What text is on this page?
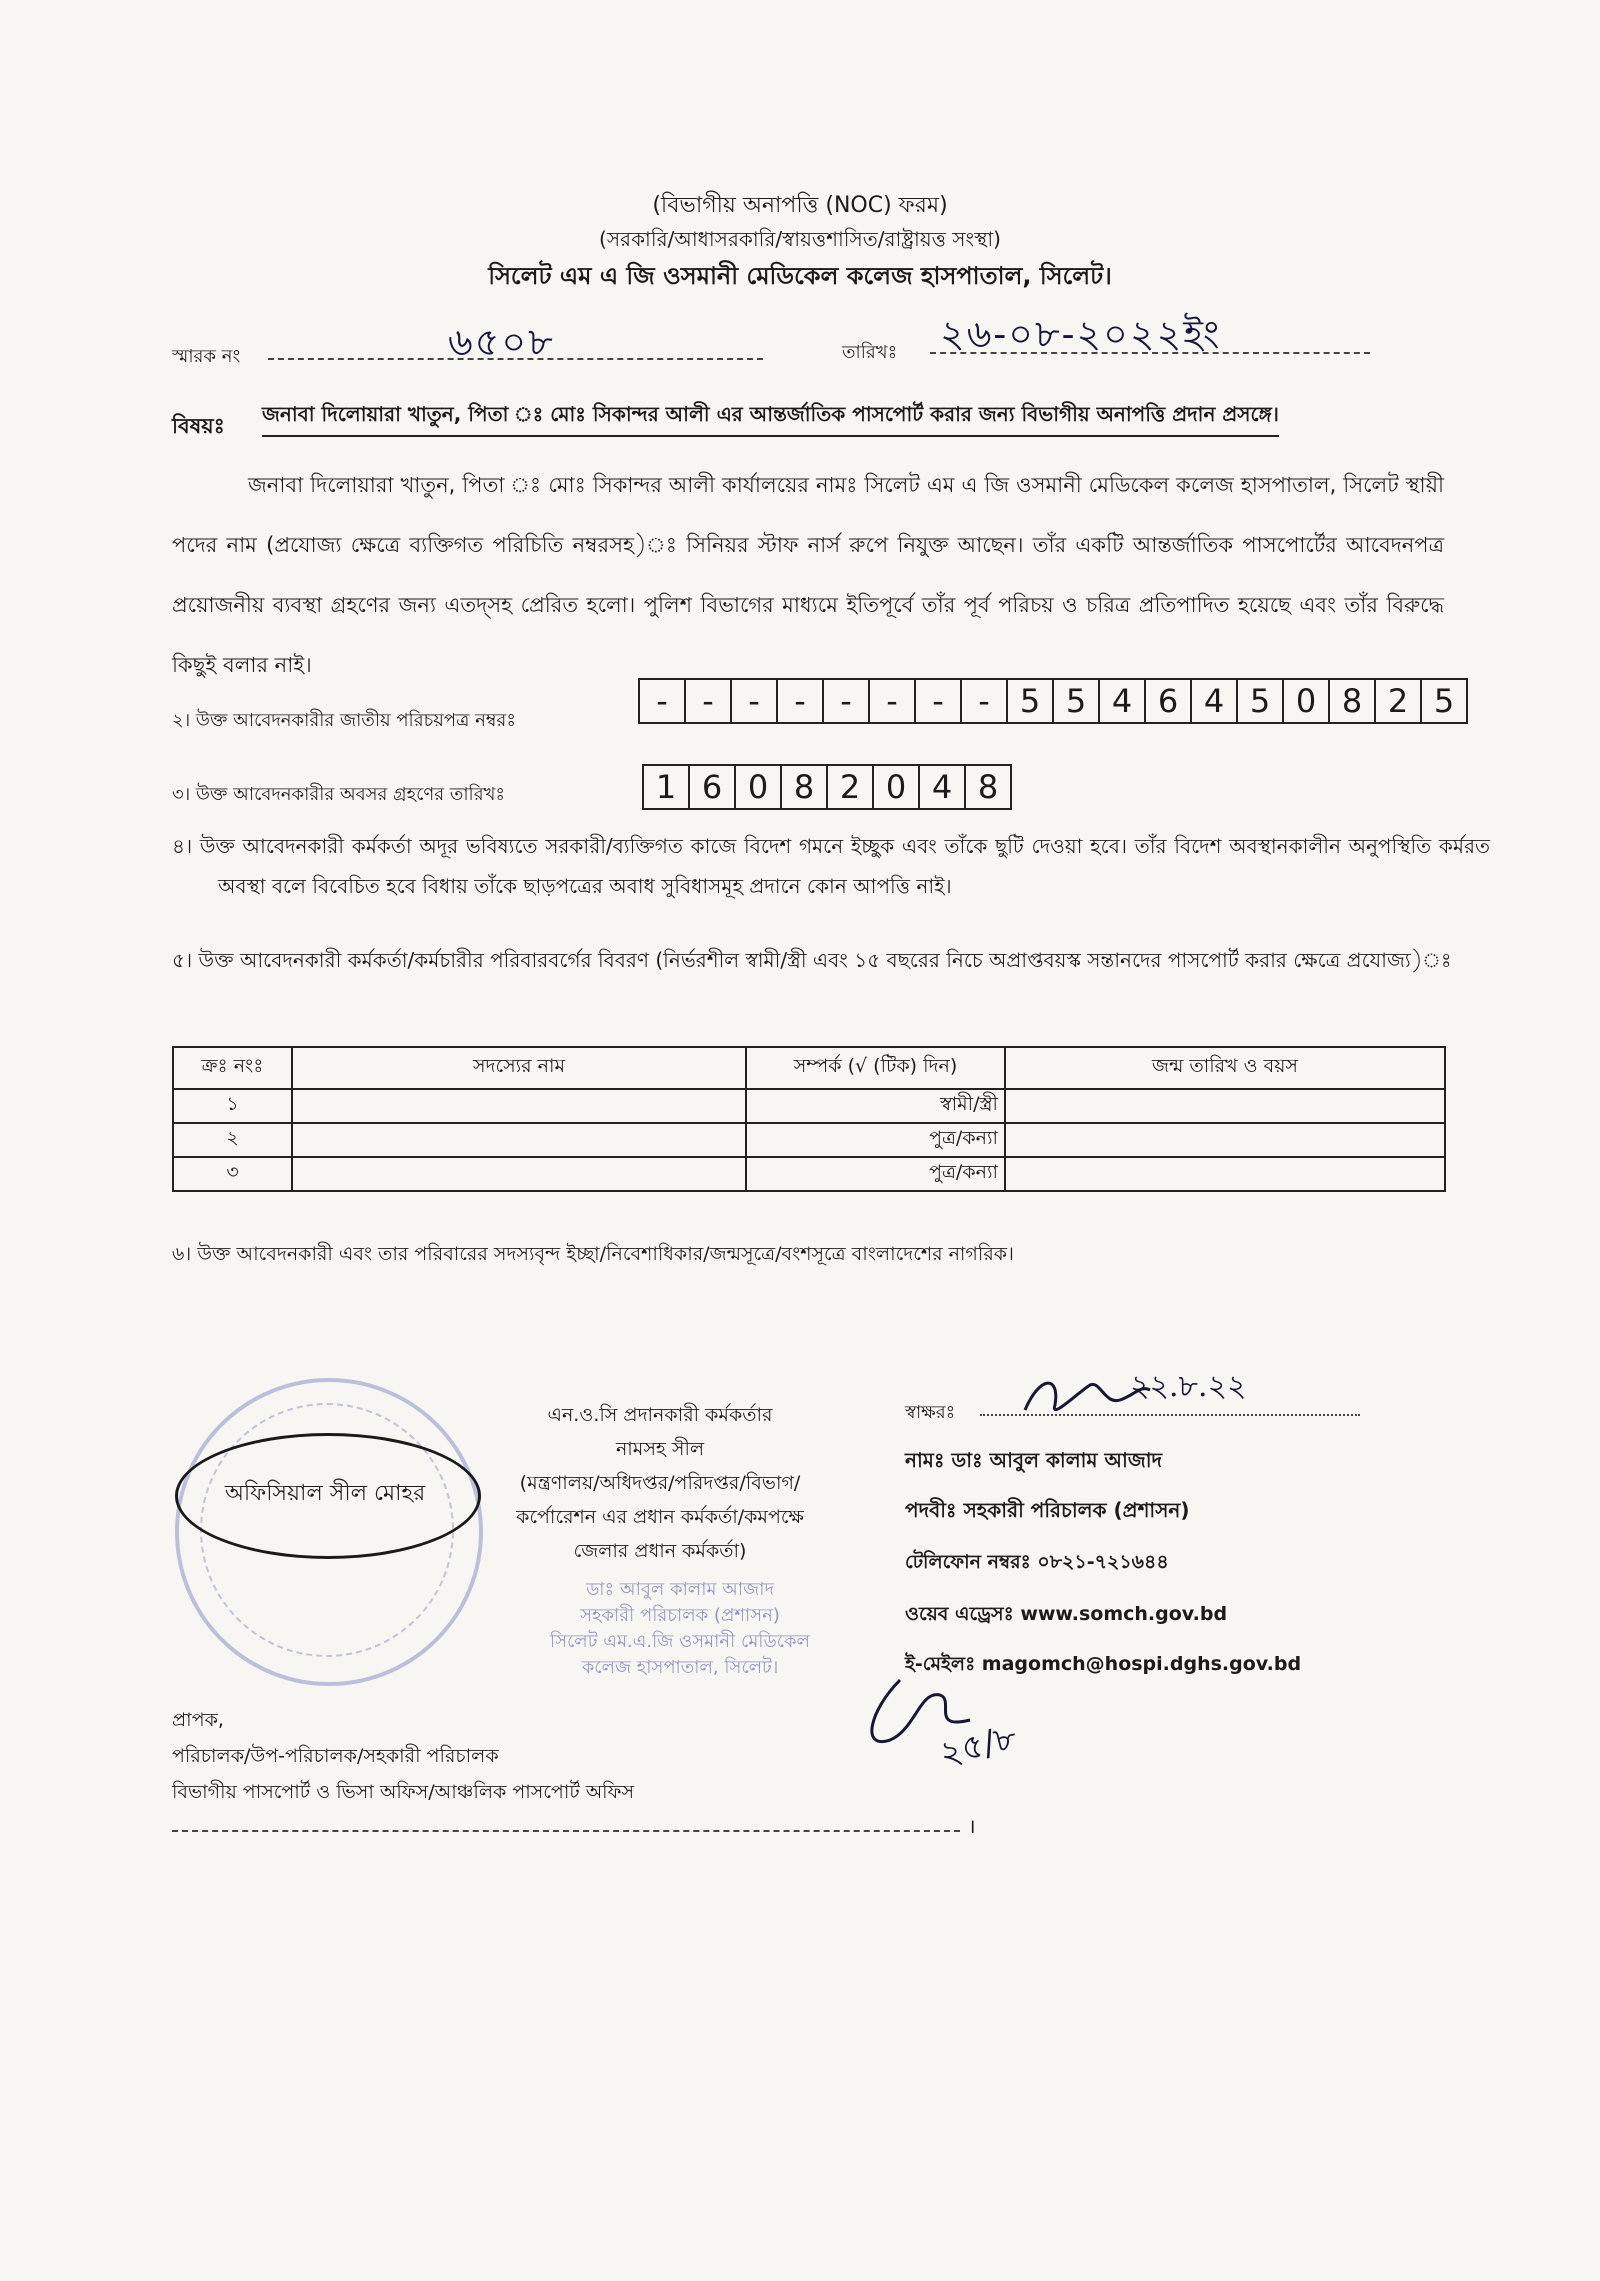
(বিভাগীয় অনাপত্তি (NOC) ফরম)
(সরকারি/আধাসরকারি/স্বায়ত্তশাসিত/রাষ্ট্রায়ত্ত সংস্থা)
সিলেট এম এ জি ওসমানী মেডিকেল কলেজ হাসপাতাল, সিলেট।
স্মারক নং	৬৫০৮	তারিখঃ ২৬-০৮-২০২২ইং
বিষয়ঃ জনাবা দিলোয়ারা খাতুন, পিতা ঃ মোঃ সিকান্দর আলী এর আন্তর্জাতিক পাসপোর্ট করার জন্য বিভাগীয় অনাপত্তি প্রদান প্রসঙ্গে।
জনাবা দিলোয়ারা খাতুন, পিতা ঃ মোঃ সিকান্দর আলী কার্যালয়ের নামঃ সিলেট এম এ জি ওসমানী মেডিকেল কলেজ হাসপাতাল, সিলেট স্থায়ী পদের নাম (প্রযোজ্য ক্ষেত্রে ব্যক্তিগত পরিচিতি নম্বরসহ)ঃ সিনিয়র স্টাফ নার্স রুপে নিযুক্ত আছেন। তাঁর একটি আন্তর্জাতিক পাসপোর্টের আবেদনপত্র প্রয়োজনীয় ব্যবস্থা গ্রহণের জন্য এতদ্সহ প্রেরিত হলো। পুলিশ বিভাগের মাধ্যমে ইতিপূর্বে তাঁর পূর্ব পরিচয় ও চরিত্র প্রতিপাদিত হয়েছে এবং তাঁর বিরুদ্ধে কিছুই বলার নাই।
২। উক্ত আবেদনকারীর জাতীয় পরিচয়পত্র নম্বরঃ
-	-	-	-	-	-	-	- 5 5 4 6 4 5 0 8 2 5
৩। উক্ত আবেদনকারীর অবসর গ্রহণের তারিখঃ	1 6 0 8 2 0 4 8
৪। উক্ত আবেদনকারী কর্মকর্তা অদূর ভবিষ্যতে সরকারী/ব্যক্তিগত কাজে বিদেশ গমনে ইচ্ছুক এবং তাঁকে ছুটি দেওয়া হবে। তাঁর বিদেশ অবস্থানকালীন অনুপস্থিতি কর্মরত অবস্থা বলে বিবেচিত হবে বিধায় তাঁকে ছাড়পত্রের অবাধ সুবিধাসমূহ প্রদানে কোন আপত্তি নাই।
৫। উক্ত আবেদনকারী কর্মকর্তা/কর্মচারীর পরিবারবর্গের বিবরণ (নির্ভরশীল স্বামী/স্ত্রী এবং ১৫ বছরের নিচে অপ্রাপ্তবয়স্ক সন্তানদের পাসপোর্ট করার ক্ষেত্রে প্রযোজ্য)ঃ
ক্রঃ নংঃ	সদস্যের নাম	সম্পর্ক (√ (টিক) দিন)	জন্ম তারিখ ও বয়স
১		স্বামী/স্ত্রী	
২		পুত্র/কন্যা	
৩		পুত্র/কন্যা	
৬। উক্ত আবেদনকারী এবং তার পরিবারের সদস্যবৃন্দ ইচ্ছা/নিবেশাধিকার/জন্মসূত্রে/বংশসূত্রে বাংলাদেশের নাগরিক।
অফিসিয়াল সীল মোহর
এন.ও.সি প্রদানকারী কর্মকর্তার
নামসহ সীল
(মন্ত্রণালয়/অধিদপ্তর/পরিদপ্তর/বিভাগ/
কর্পোরেশন এর প্রধান কর্মকর্তা/কমপক্ষে
জেলার প্রধান কর্মকর্তা)
ডাঃ আবুল কালাম আজাদ
সহকারী পরিচালক (প্রশাসন)
সিলেট এম.এ.জি ওসমানী মেডিকেল
কলেজ হাসপাতাল, সিলেট।
স্বাক্ষরঃ
২২.৮.২২
নামঃ ডাঃ আবুল কালাম আজাদ
পদবীঃ সহকারী পরিচালক (প্রশাসন)
টেলিফোন নম্বরঃ ০৮২১-৭২১৬৪৪
ওয়েব এড্রেসঃ www.somch.gov.bd
ই-মেইলঃ magomch@hospi.dghs.gov.bd
২৫/৮
প্রাপক,
পরিচালক/উপ-পরিচালক/সহকারী পরিচালক
বিভাগীয় পাসপোর্ট ও ভিসা অফিস/আঞ্চলিক পাসপোর্ট অফিস
।
